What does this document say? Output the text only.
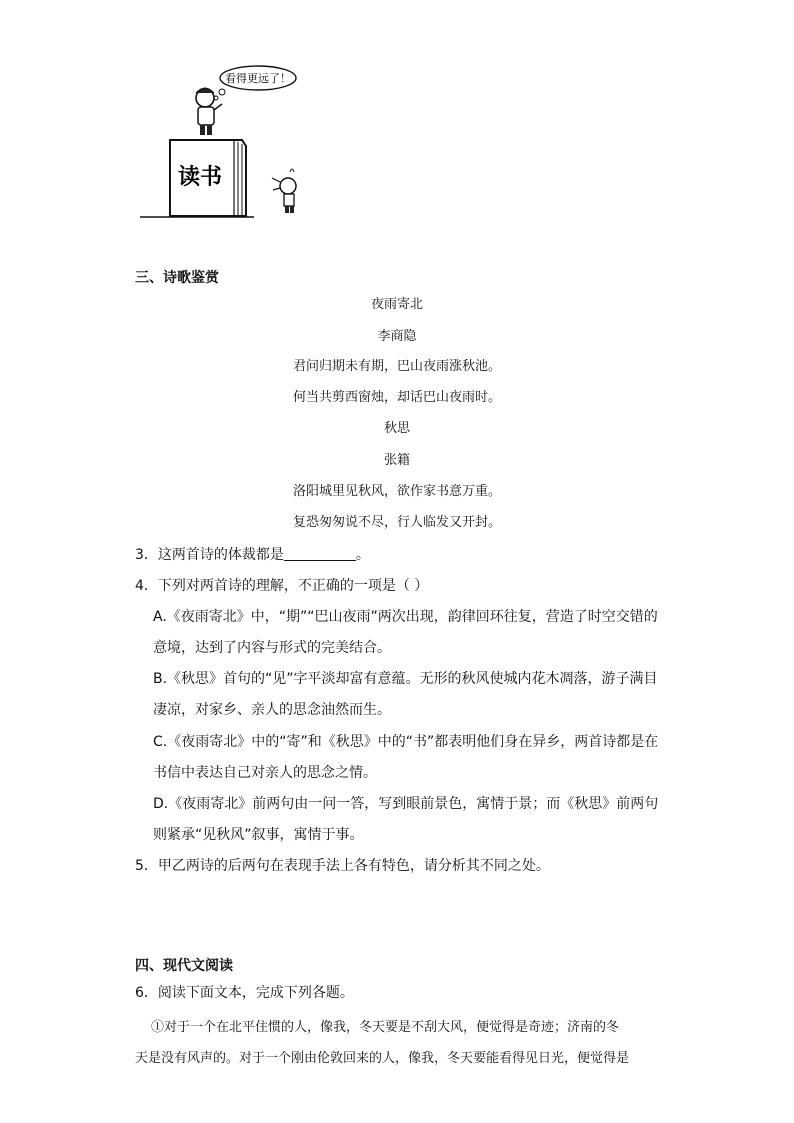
看得更远了！
读书
三、诗歌鉴赏
夜雨寄北
李商隐
君问归期未有期，巴山夜雨涨秋池。
何当共剪西窗烛，却话巴山夜雨时。
秋思
张籍
洛阳城里见秋风，欲作家书意万重。
复恐匆匆说不尽，行人临发又开封。
3．这两首诗的体裁都是	。
4．下列对两首诗的理解，不正确的一项是（ ）
A.《夜雨寄北》中，“期”“巴山夜雨”两次出现，韵律回环往复，营造了时空交错的
意境，达到了内容与形式的完美结合。
B.《秋思》首句的“见”字平淡却富有意蕴。无形的秋风使城内花木凋落，游子满目
凄凉，对家乡、亲人的思念油然而生。
C.《夜雨寄北》中的“寄”和《秋思》中的“书”都表明他们身在异乡，两首诗都是在
书信中表达自己对亲人的思念之情。
D.《夜雨寄北》前两句由一问一答，写到眼前景色，寓情于景；而《秋思》前两句
则紧承“见秋风”叙事，寓情于事。
5．甲乙两诗的后两句在表现手法上各有特色，请分析其不同之处。
四、现代文阅读
6．阅读下面文本，完成下列各题。
①对于一个在北平住惯的人，像我，冬天要是不刮大风，便觉得是奇迹；济南的冬
天是没有风声的。对于一个刚由伦敦回来的人，像我，冬天要能看得见日光，便觉得是
